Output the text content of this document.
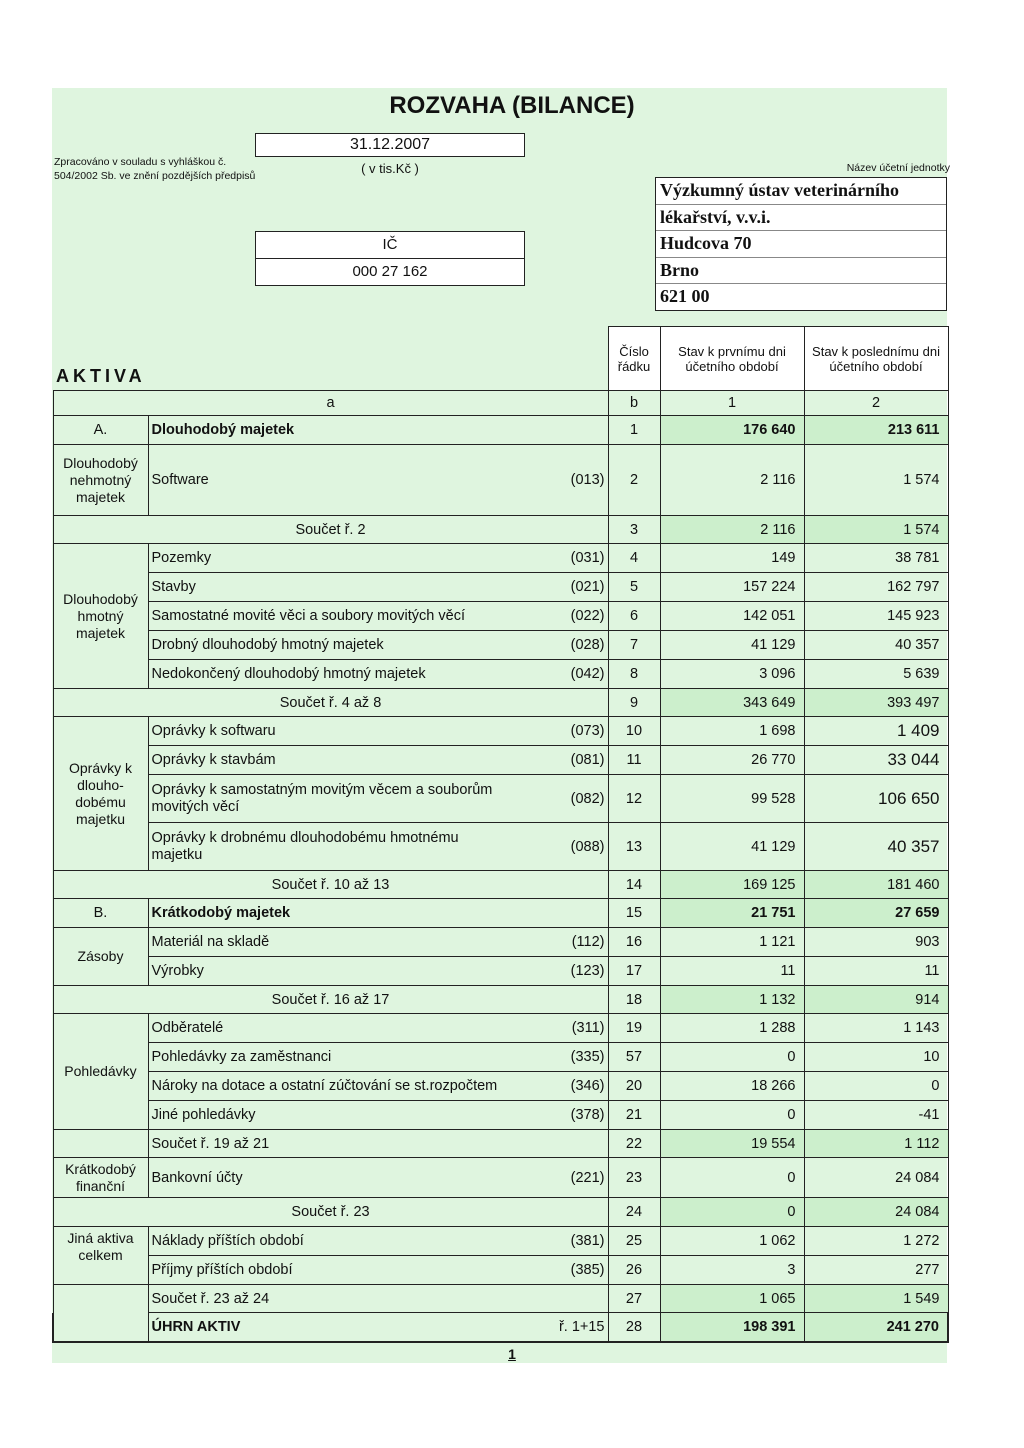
ROZVAHA (BILANCE)
Zpracováno v souladu s vyhláškou č. 504/2002 Sb. ve znění pozdějších předpisů
31.12.2007
( v tis.Kč )
IČ
000 27 162
Název účetní jednotky
Výzkumný ústav veterinárního
lékařství, v.v.i.
Hudcova 70
Brno
621 00
AKTIVA
		Číslo řádku	Stav k prvnímu dni účetního období	Stav k poslednímu dni účetního období
a		b	1	2
A.	Dlouhodobý majetek	1	176 640	213 611
Dlouhodobý nehmotný majetek	Software (013)	2	2 116	1 574
Součet ř. 2		3	2 116	1 574
Dlouhodobý hmotný majetek	Pozemky (031)	4	149	38 781

	Stavby (021)	5	157 224	162 797

	Samostatné movité věci a soubory movitých věcí (022)	6	142 051	145 923

	Drobný dlouhodobý hmotný majetek (028)	7	41 129	40 357

	Nedokončený dlouhodobý hmotný majetek (042)	8	3 096	5 639
Součet ř. 4 až 8		9	343 649	393 497
Oprávky k dlouho-dobému majetku	Oprávky k softwaru (073)	10	1 698	1 409

	Oprávky k stavbám (081)	11	26 770	33 044

	Oprávky k samostatným movitým věcem a souborům movitých věcí (082)	12	99 528	106 650

	Oprávky k drobnému dlouhodobému hmotnému majetku (088)	13	41 129	40 357
Součet ř. 10 až 13		14	169 125	181 460
B.	Krátkodobý majetek	15	21 751	27 659
Zásoby	Materiál na skladě (112)	16	1 121	903

	Výrobky (123)	17	11	11
Součet ř. 16 až 17		18	1 132	914
Pohledávky	Odběratelé (311)	19	1 288	1 143

	Pohledávky za zaměstnanci (335)	57	0	10

	Nároky na dotace a ostatní zúčtování se st.rozpočtem (346)	20	18 266	0

	Jiné pohledávky (378)	21	0	-41
	Součet ř. 19 až 21	22	19 554	1 112
Krátkodobý finanční	Bankovní účty (221)	23	0	24 084
Součet ř. 23		24	0	24 084
Jiná aktiva celkem	Náklady příštích období (381)	25	1 062	1 272

	Příjmy příštích období (385)	26	3	277
	Součet ř. 23 až 24	27	1 065	1 549

	ÚHRN AKTIV ř. 1+15	28	198 391	241 270
1
